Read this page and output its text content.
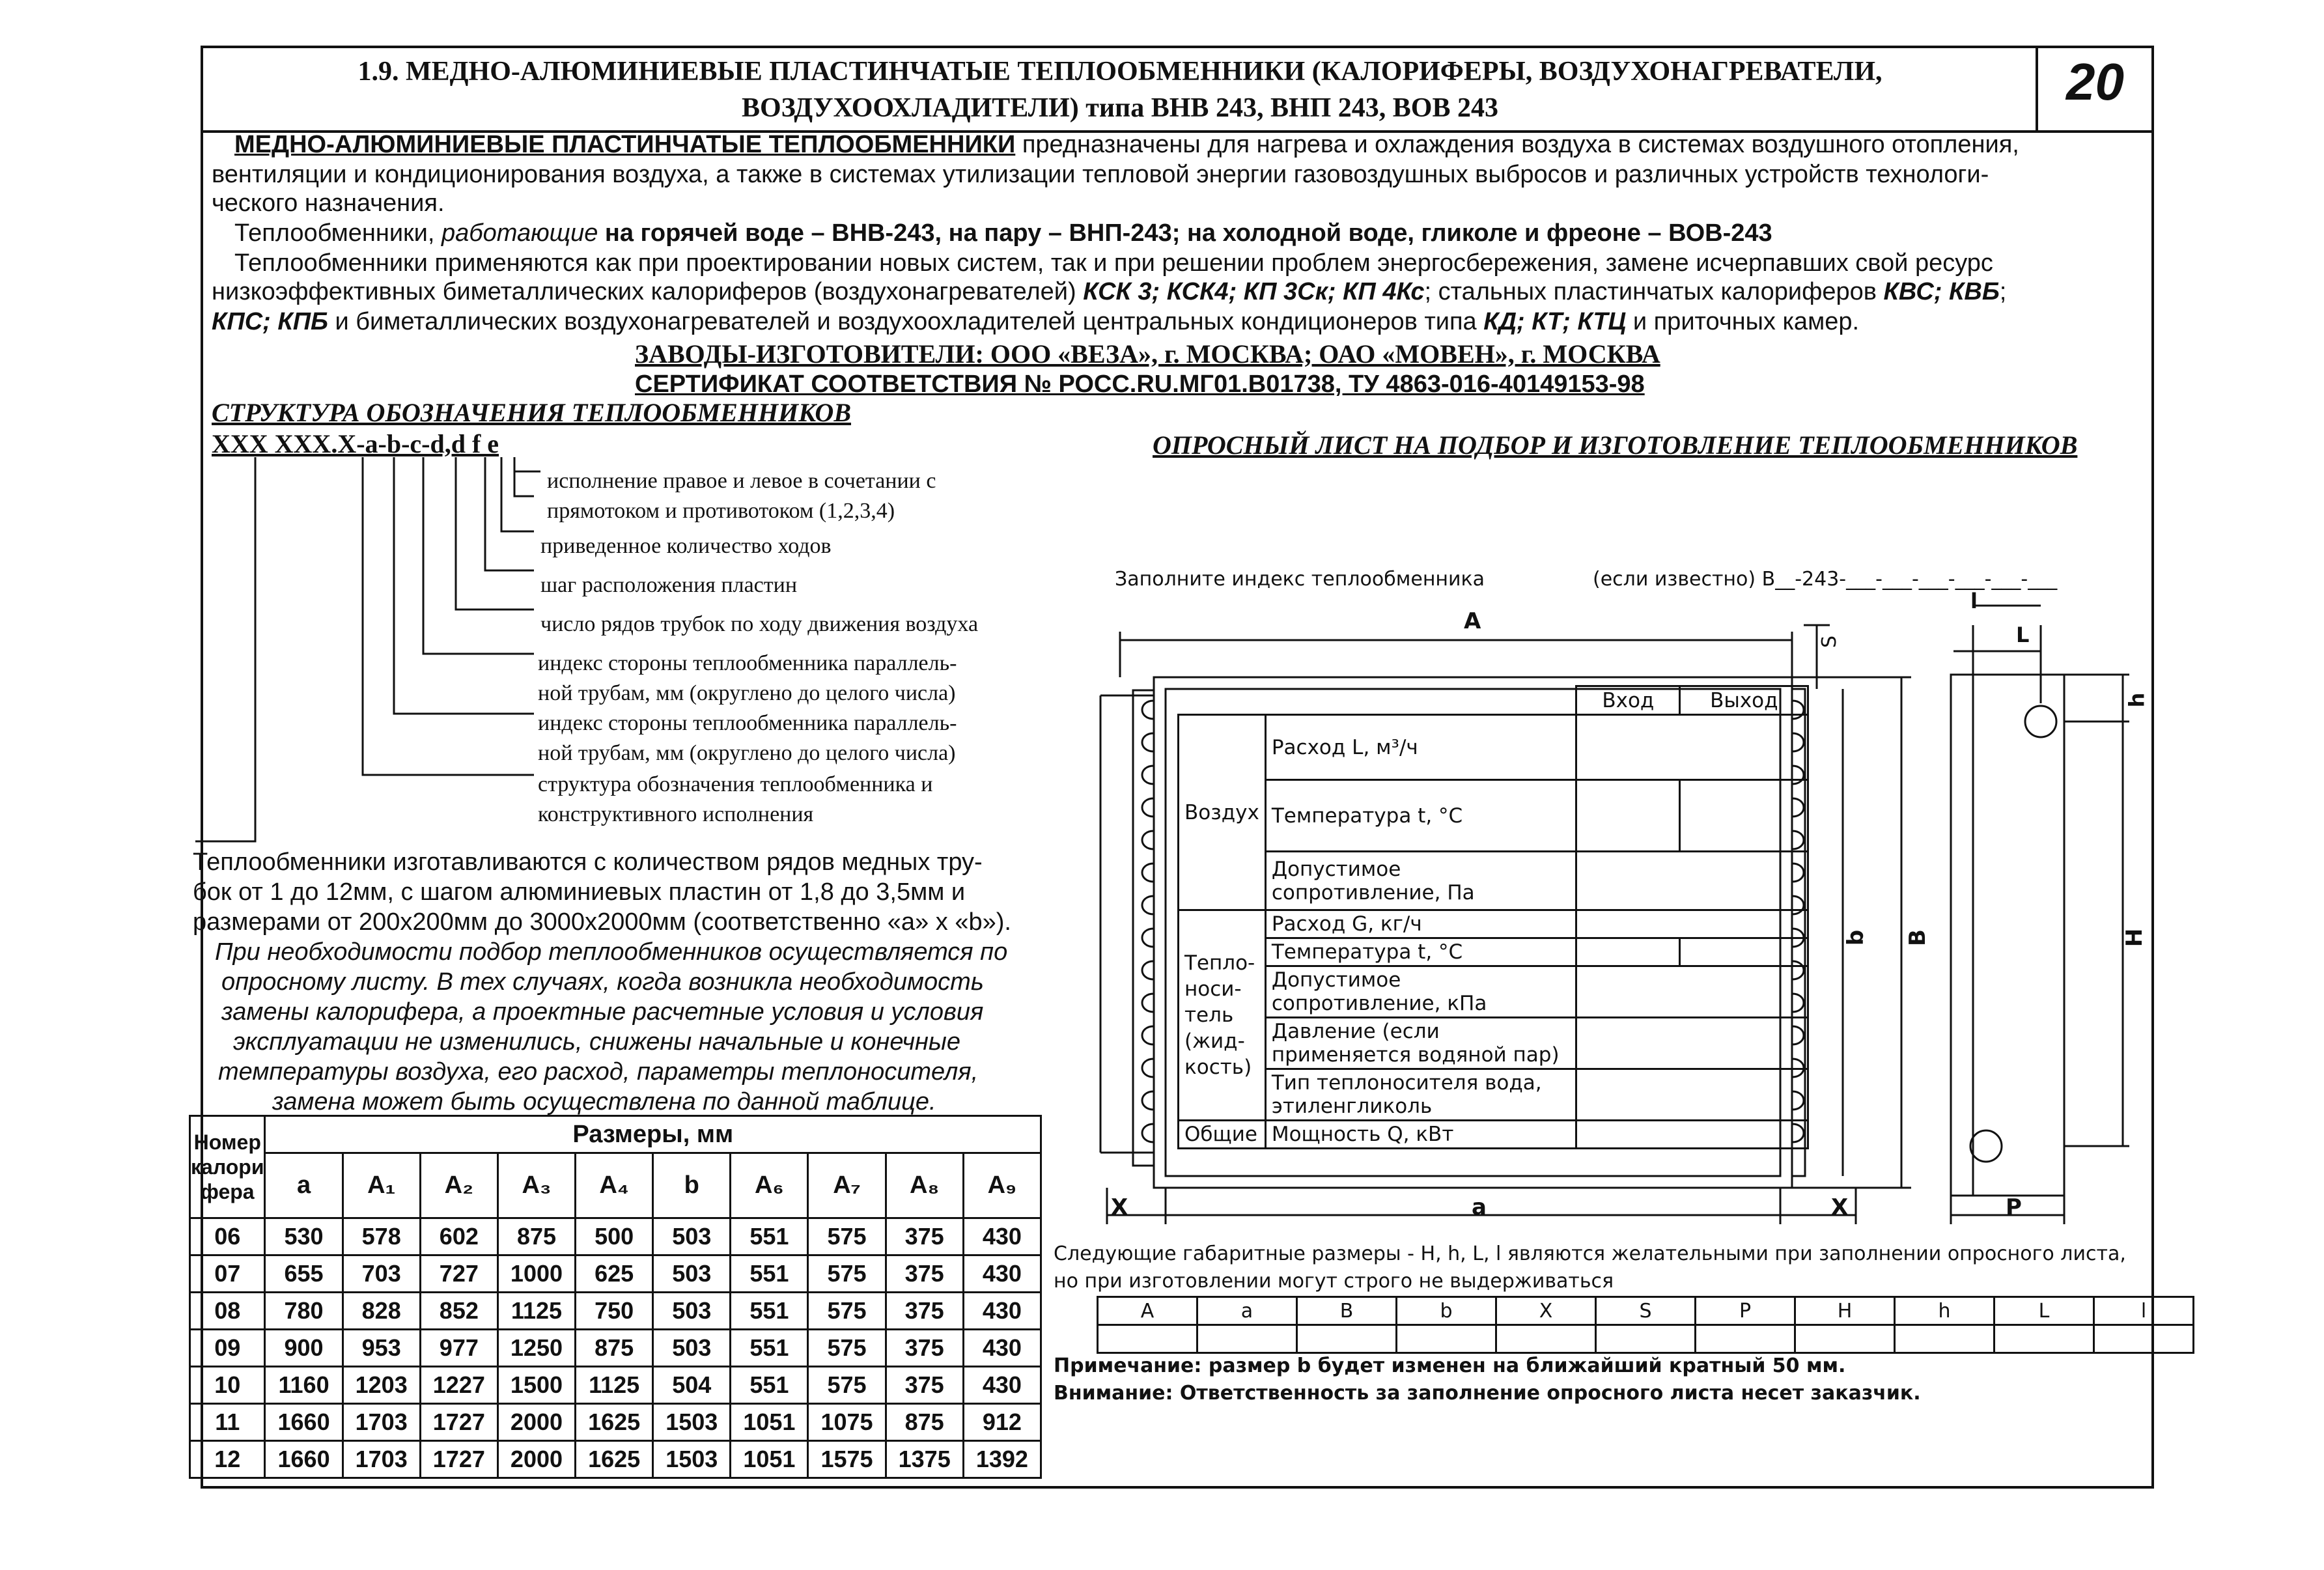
1.9. МЕДНО-АЛЮМИНИЕВЫЕ ПЛАСТИНЧАТЫЕ ТЕПЛООБМЕННИКИ (КАЛОРИФЕРЫ, ВОЗДУХОНАГРЕВАТЕЛИ,
ВОЗДУХООХЛАДИТЕЛИ) типа ВНВ 243, ВНП 243, ВОВ 243	20
МЕДНО-АЛЮМИНИЕВЫЕ ПЛАСТИНЧАТЫЕ ТЕПЛООБМЕННИКИ предназначены для нагрева и охлаждения воздуха в системах воздушного отопления,
вентиляции и кондиционирования воздуха, а также в системах утилизации тепловой энергии газовоздушных выбросов и различных устройств технологи-
ческого назначения.
Теплообменники, работающие на горячей воде – ВНВ-243, на пару – ВНП-243; на холодной воде, гликоле и фреоне – ВОВ-243
Теплообменники применяются как при проектировании новых систем, так и при решении проблем энергосбережения, замене исчерпавших свой ресурс
низкоэффективных биметаллических калориферов (воздухонагревателей) КСК 3; КСК4; КП 3Ск; КП 4Кс; стальных пластинчатых калориферов КВС; КВБ;
КПС; КПБ и биметаллических воздухонагревателей и воздухоохладителей центральных кондиционеров типа КД; КТ; КТЦ и приточных камер.
ЗАВОДЫ-ИЗГОТОВИТЕЛИ: ООО «ВЕЗА», г. МОСКВА; ОАО «МОВЕН», г. МОСКВА
СЕРТИФИКАТ СООТВЕТСТВИЯ № РОСС.RU.МГ01.B01738, ТУ 4863-016-40149153-98
СТРУКТУРА ОБОЗНАЧЕНИЯ ТЕПЛООБМЕННИКОВ
XXX XXX.X-a-b-c-d,d f e
исполнение правое и левое в сочетании с
прямотоком и противотоком (1,2,3,4)
приведенное количество ходов
шаг расположения пластин
число рядов трубок по ходу движения воздуха
индекс стороны теплообменника параллель-
ной трубам, мм (округлено до целого числа)
индекс стороны теплообменника параллель-
ной трубам, мм (округлено до целого числа)
структура обозначения теплообменника и
конструктивного исполнения
Теплообменники изготавливаются с количеством рядов медных тру-
бок от 1 до 12мм, с шагом алюминиевых пластин от 1,8 до 3,5мм и
размерами от 200x200мм до 3000x2000мм (соответственно «a» x «b»).
При необходимости подбор теплообменников осуществляется по
опросному листу. В тех случаях, когда возникла необходимость
замены калорифера, а проектные расчетные условия и условия
эксплуатации не изменились, снижены начальные и конечные
температуры воздуха, его расход, параметры теплоносителя,
замена может быть осуществлена по данной таблице.
Номер калори фера	Размеры, мм									
	a	A₁	A₂	A₃	A₄	b	A₆	A₇	A₈	A₉
06	530	578	602	875	500	503	551	575	375	430
07	655	703	727	1000	625	503	551	575	375	430
08	780	828	852	1125	750	503	551	575	375	430
09	900	953	977	1250	875	503	551	575	375	430
10	1160	1203	1227	1500	1125	504	551	575	375	430
11	1660	1703	1727	2000	1625	1503	1051	1075	875	912
12	1660	1703	1727	2000	1625	1503	1051	1575	1375	1392
ОПРОСНЫЙ ЛИСТ НА ПОДБОР И ИЗГОТОВЛЕНИЕ ТЕПЛООБМЕННИКОВ
Заполните индекс теплообменника	(если известно) В__-243-___-___-___-___-___-___
A
S
B
b
a
X	X
H
h
L
l
P
		Вход	Выход
Воздух	Расход L, м³/ч		
	Температура t, °C		
	Допустимое сопротивление, Па		
Тепло- носи- тель (жид- кость)	Расход G, кг/ч		
	Температура t, °C		
	Допустимое сопротивление, кПа		
	Давление (если применяется водяной пар)		
	Тип теплоносителя вода, этиленгликоль		
Общие	Мощность Q, кВт		
Следующие габаритные размеры - H, h, L, l являются желательными при заполнении опросного листа,
но при изготовлении могут строго не выдерживаться
A	a	B	b	X	S	P	H	h	L	l

Примечание: размер b будет изменен на ближайший кратный 50 мм.
Внимание: Ответственность за заполнение опросного листа несет заказчик.
